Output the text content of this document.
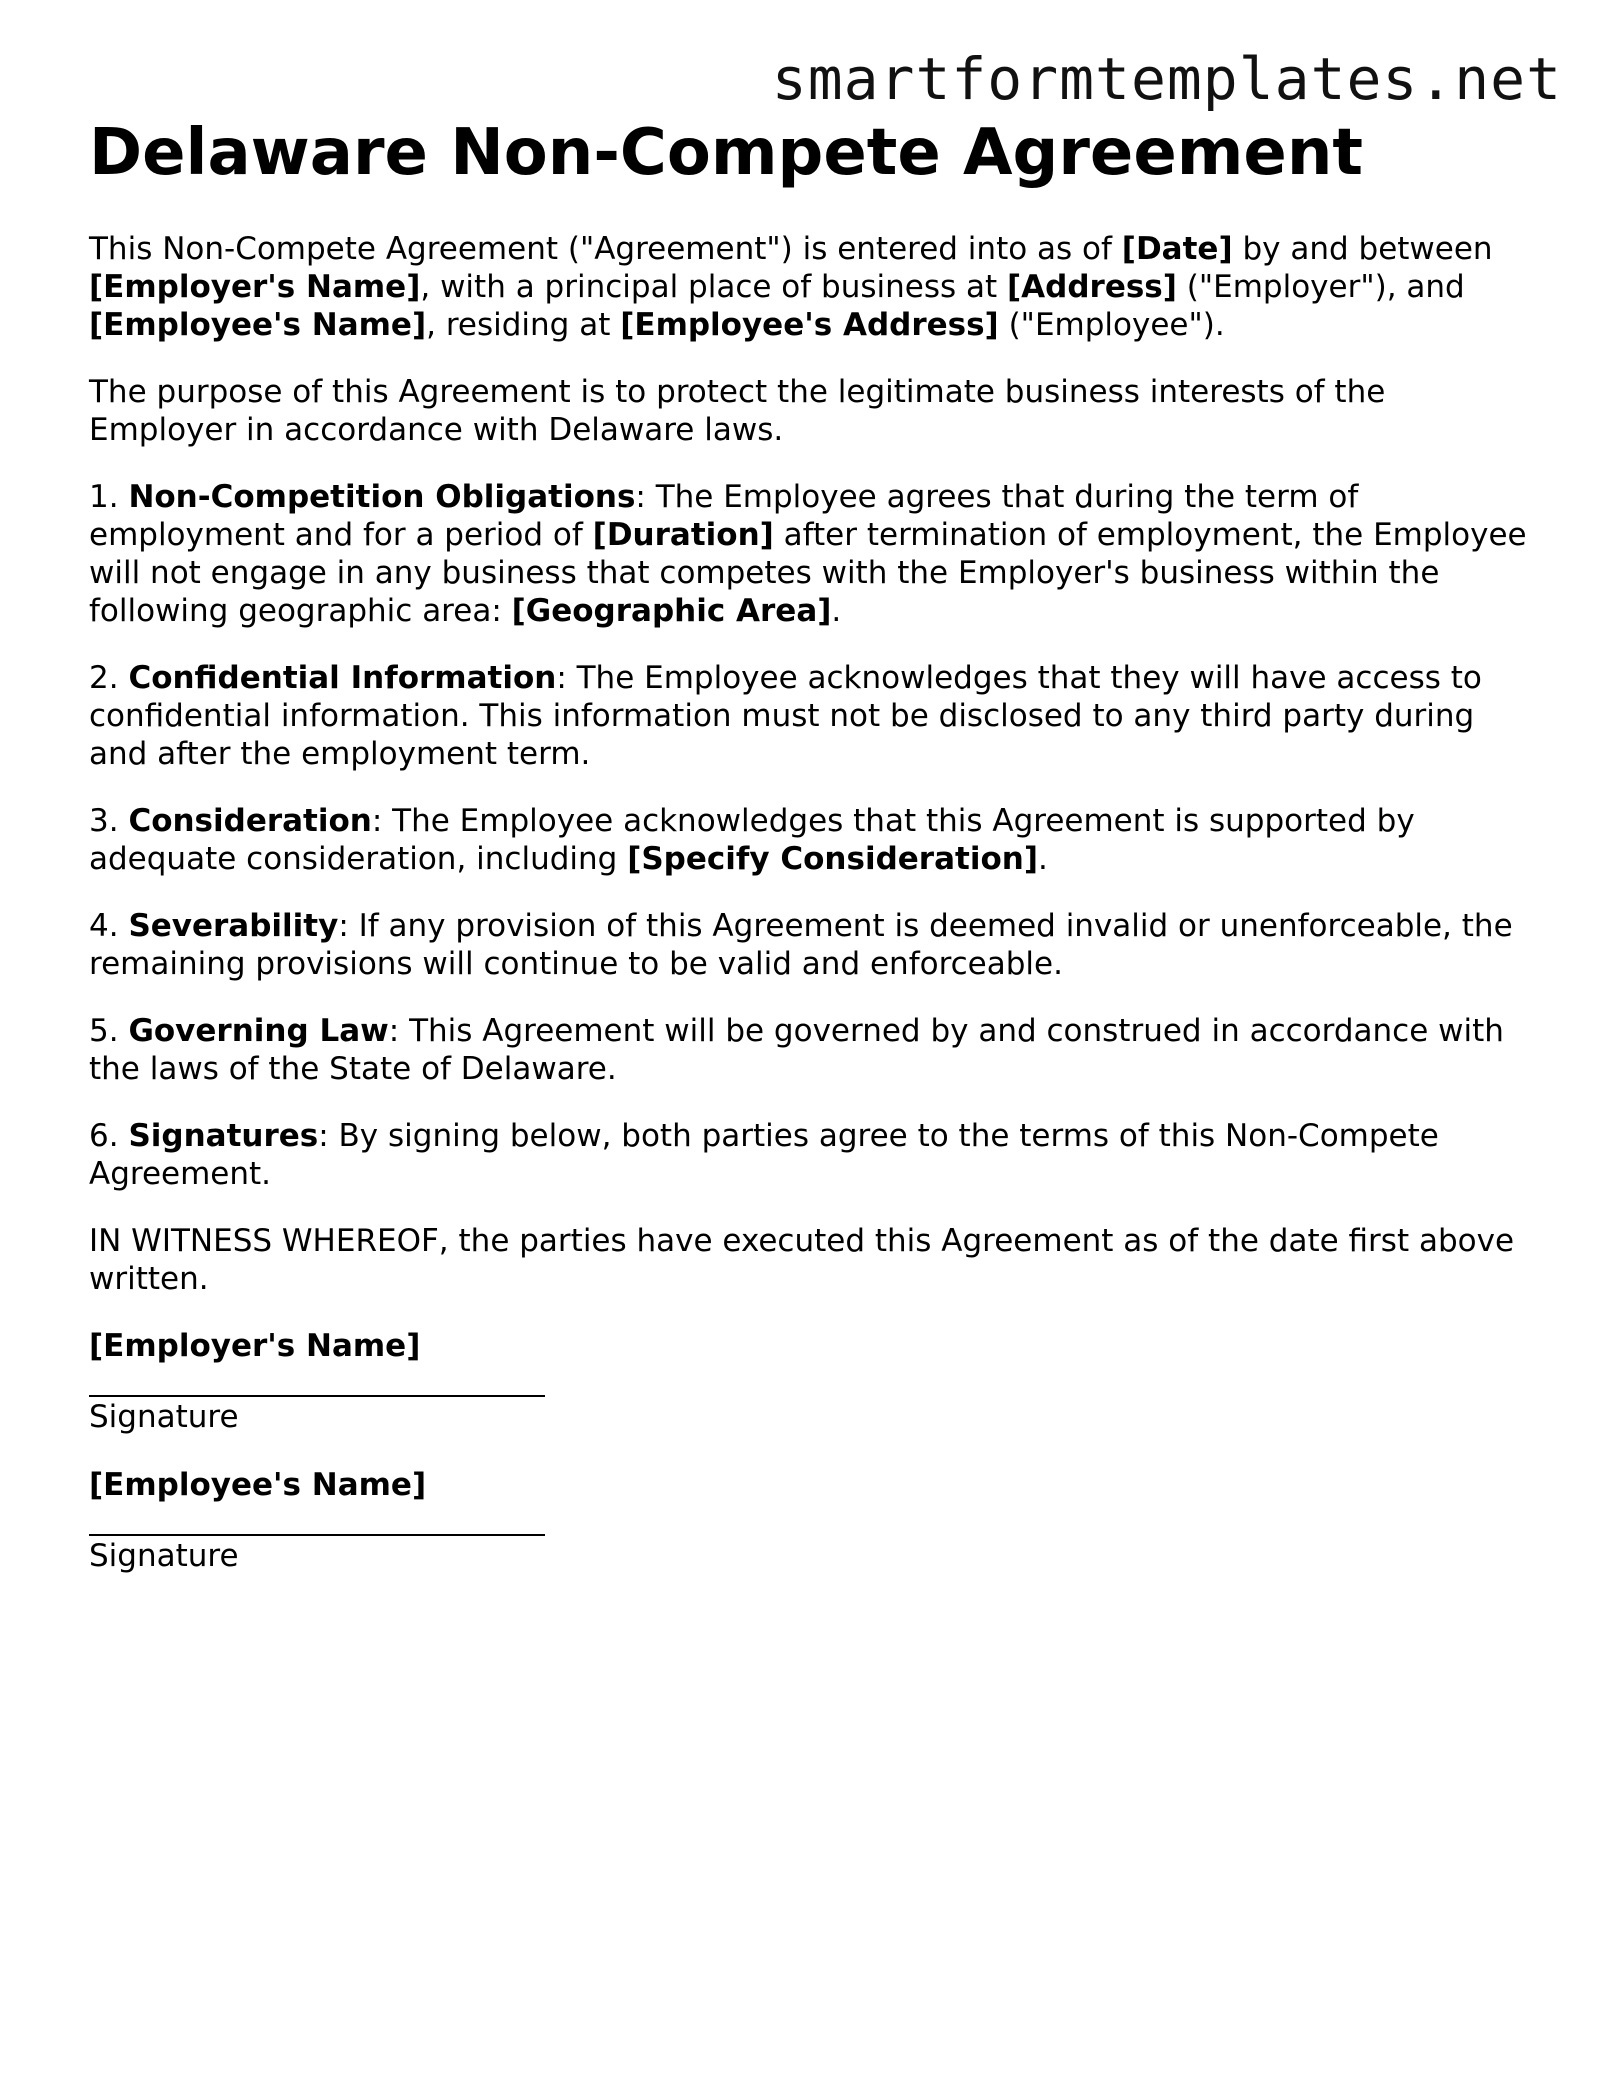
smartformtemplates.net
Delaware Non-Compete Agreement

This Non-Compete Agreement ("Agreement") is entered into as of [Date] by and between [Employer's Name], with a principal place of business at [Address] ("Employer"), and [Employee's Name], residing at [Employee's Address] ("Employee").

The purpose of this Agreement is to protect the legitimate business interests of the Employer in accordance with Delaware laws.

1. Non-Competition Obligations: The Employee agrees that during the term of employment and for a period of [Duration] after termination of employment, the Employee will not engage in any business that competes with the Employer's business within the following geographic area: [Geographic Area].

2. Confidential Information: The Employee acknowledges that they will have access to confidential information. This information must not be disclosed to any third party during and after the employment term.

3. Consideration: The Employee acknowledges that this Agreement is supported by adequate consideration, including [Specify Consideration].

4. Severability: If any provision of this Agreement is deemed invalid or unenforceable, the remaining provisions will continue to be valid and enforceable.

5. Governing Law: This Agreement will be governed by and construed in accordance with the laws of the State of Delaware.

6. Signatures: By signing below, both parties agree to the terms of this Non-Compete Agreement.

IN WITNESS WHEREOF, the parties have executed this Agreement as of the date first above written.

[Employer's Name]

Signature

[Employee's Name]

Signature
